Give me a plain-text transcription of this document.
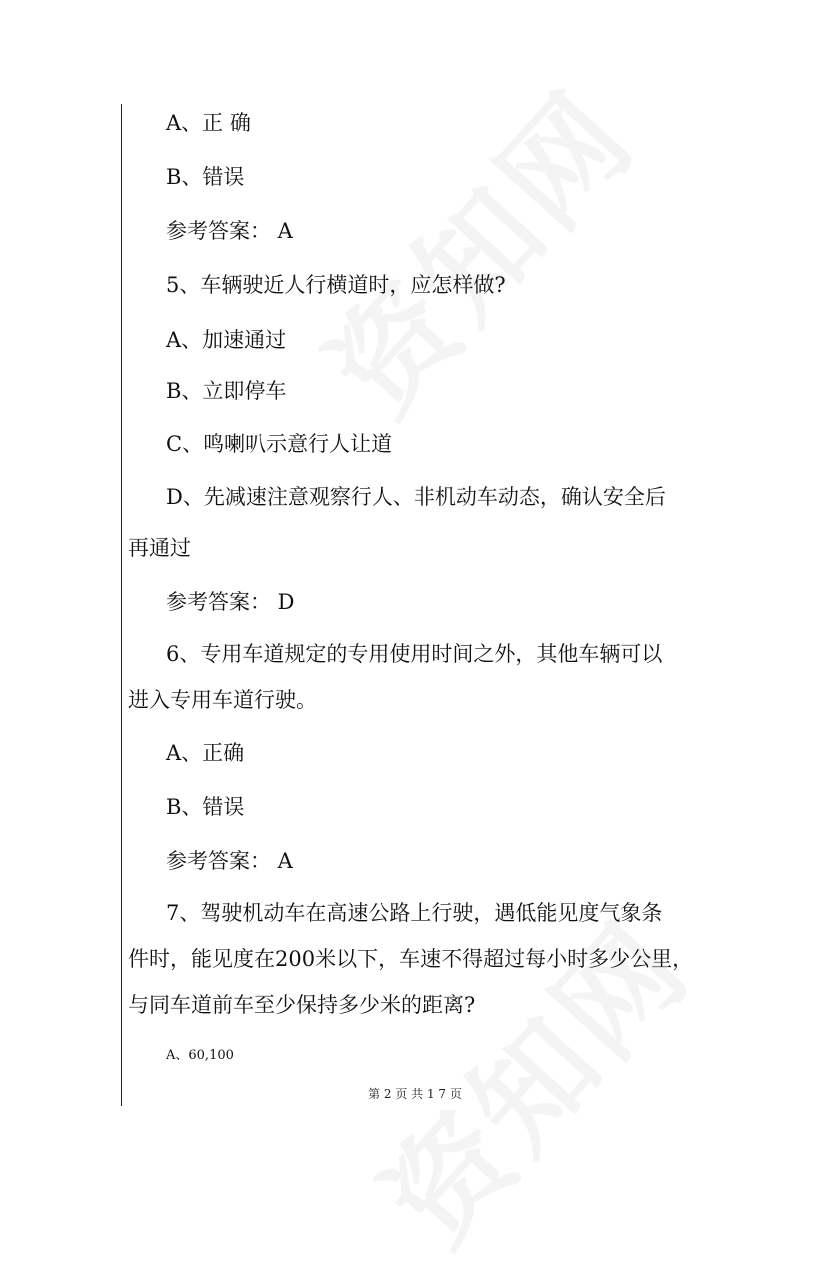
A、正 确
B、错误
参考答案： A
5、车辆驶近人行横道时，应怎样做?
A、加速通过
B、立即停车
C、鸣喇叭示意行人让道
D、先减速注意观察行人、非机动车动态，确认安全后
再通过
参考答案： D
6、专用车道规定的专用使用时间之外，其他车辆可以
进入专用车道行驶。
A、正确
B、错误
参考答案： A
7、驾驶机动车在高速公路上行驶，遇低能见度气象条
件时，能见度在200米以下，车速不得超过每小时多少公里，
与同车道前车至少保持多少米的距离?
A、60,100
第 2 页 共 1 7 页
